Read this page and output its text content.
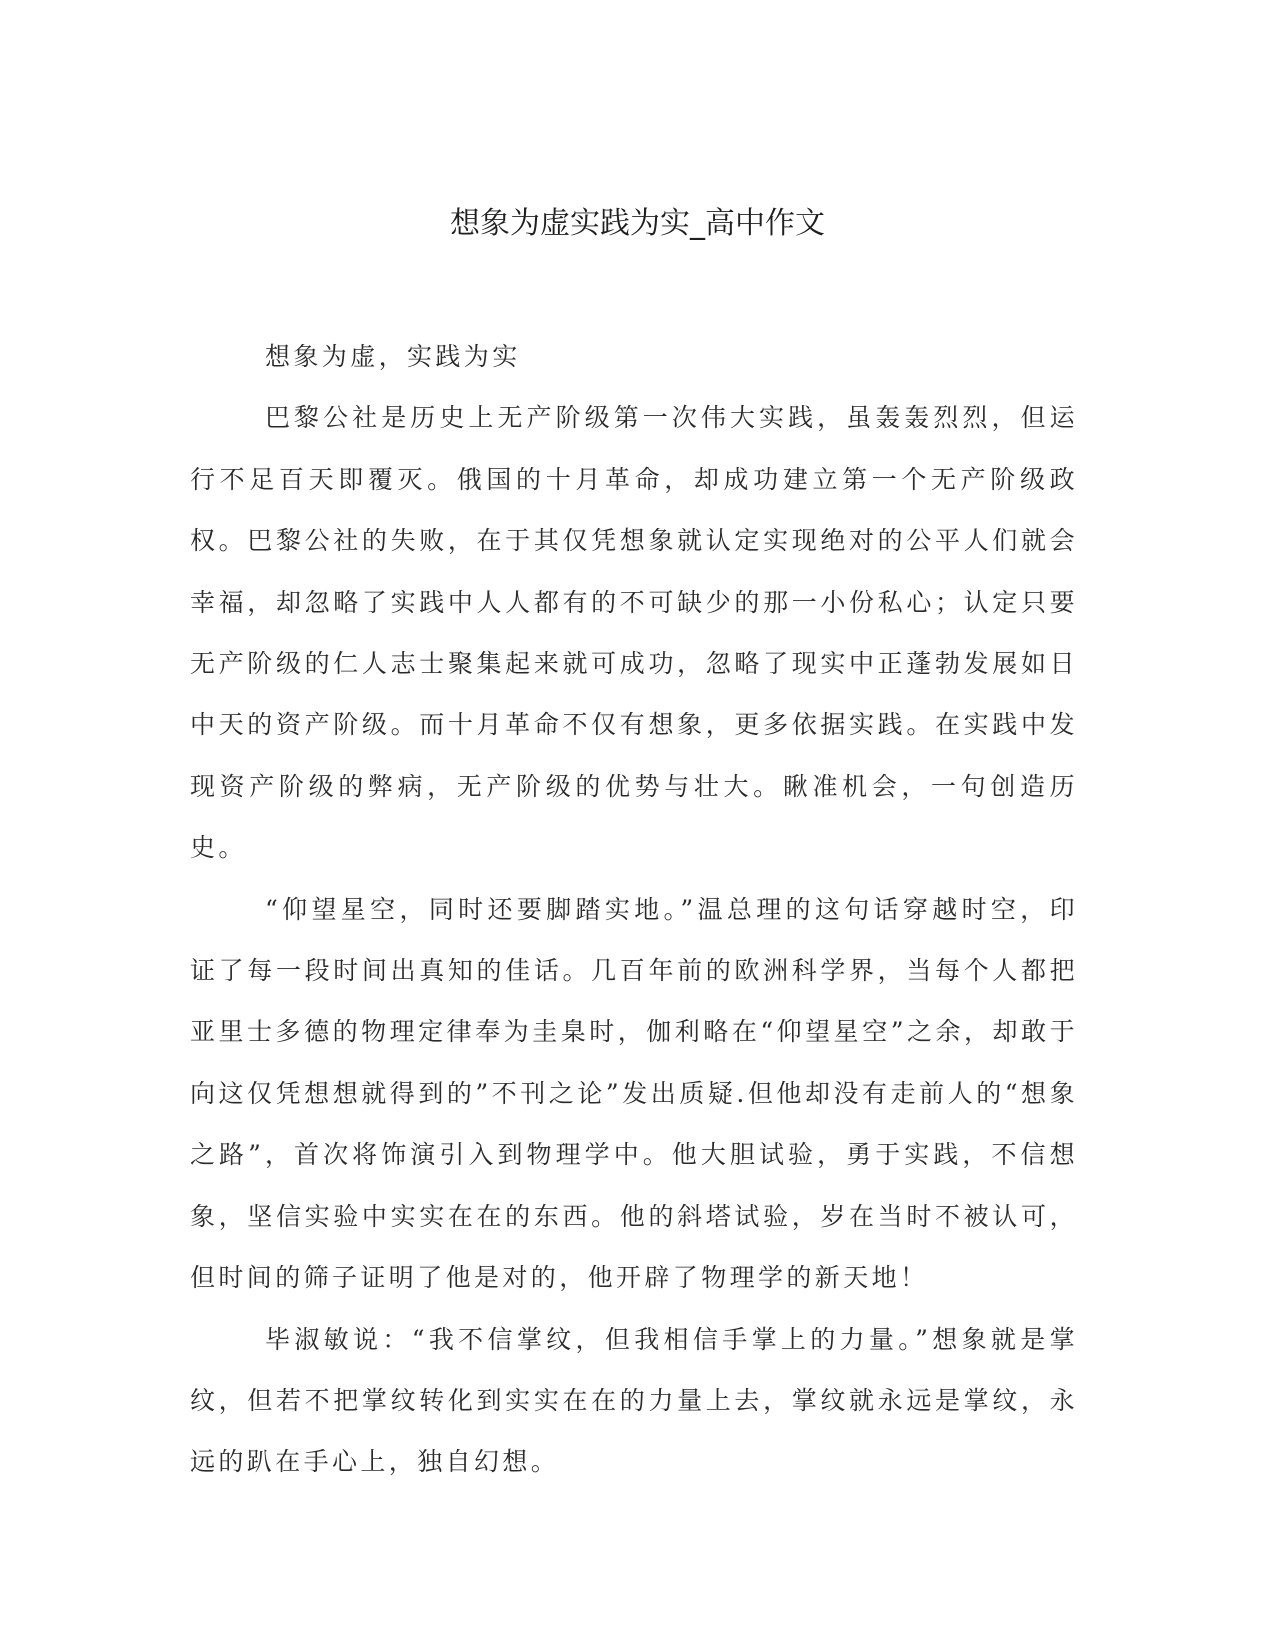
想象为虚实践为实_高中作文

想象为虚，实践为实

巴黎公社是历史上无产阶级第一次伟大实践，虽轰轰烈烈，但运行不足百天即覆灭。俄国的十月革命，却成功建立第一个无产阶级政权。巴黎公社的失败，在于其仅凭想象就认定实现绝对的公平人们就会幸福，却忽略了实践中人人都有的不可缺少的那一小份私心；认定只要无产阶级的仁人志士聚集起来就可成功，忽略了现实中正蓬勃发展如日中天的资产阶级。而十月革命不仅有想象，更多依据实践。在实践中发现资产阶级的弊病，无产阶级的优势与壮大。瞅准机会，一句创造历史。

“仰望星空，同时还要脚踏实地。”温总理的这句话穿越时空，印证了每一段时间出真知的佳话。几百年前的欧洲科学界，当每个人都把亚里士多德的物理定律奉为圭臬时，伽利略在“仰望星空”之余，却敢于向这仅凭想想就得到的”不刊之论”发出质疑.但他却没有走前人的“想象之路”，首次将饰演引入到物理学中。他大胆试验，勇于实践，不信想象，坚信实验中实实在在的东西。他的斜塔试验，岁在当时不被认可，但时间的筛子证明了他是对的，他开辟了物理学的新天地！

毕淑敏说：“我不信掌纹，但我相信手掌上的力量。”想象就是掌纹，但若不把掌纹转化到实实在在的力量上去，掌纹就永远是掌纹，永远的趴在手心上，独自幻想。
